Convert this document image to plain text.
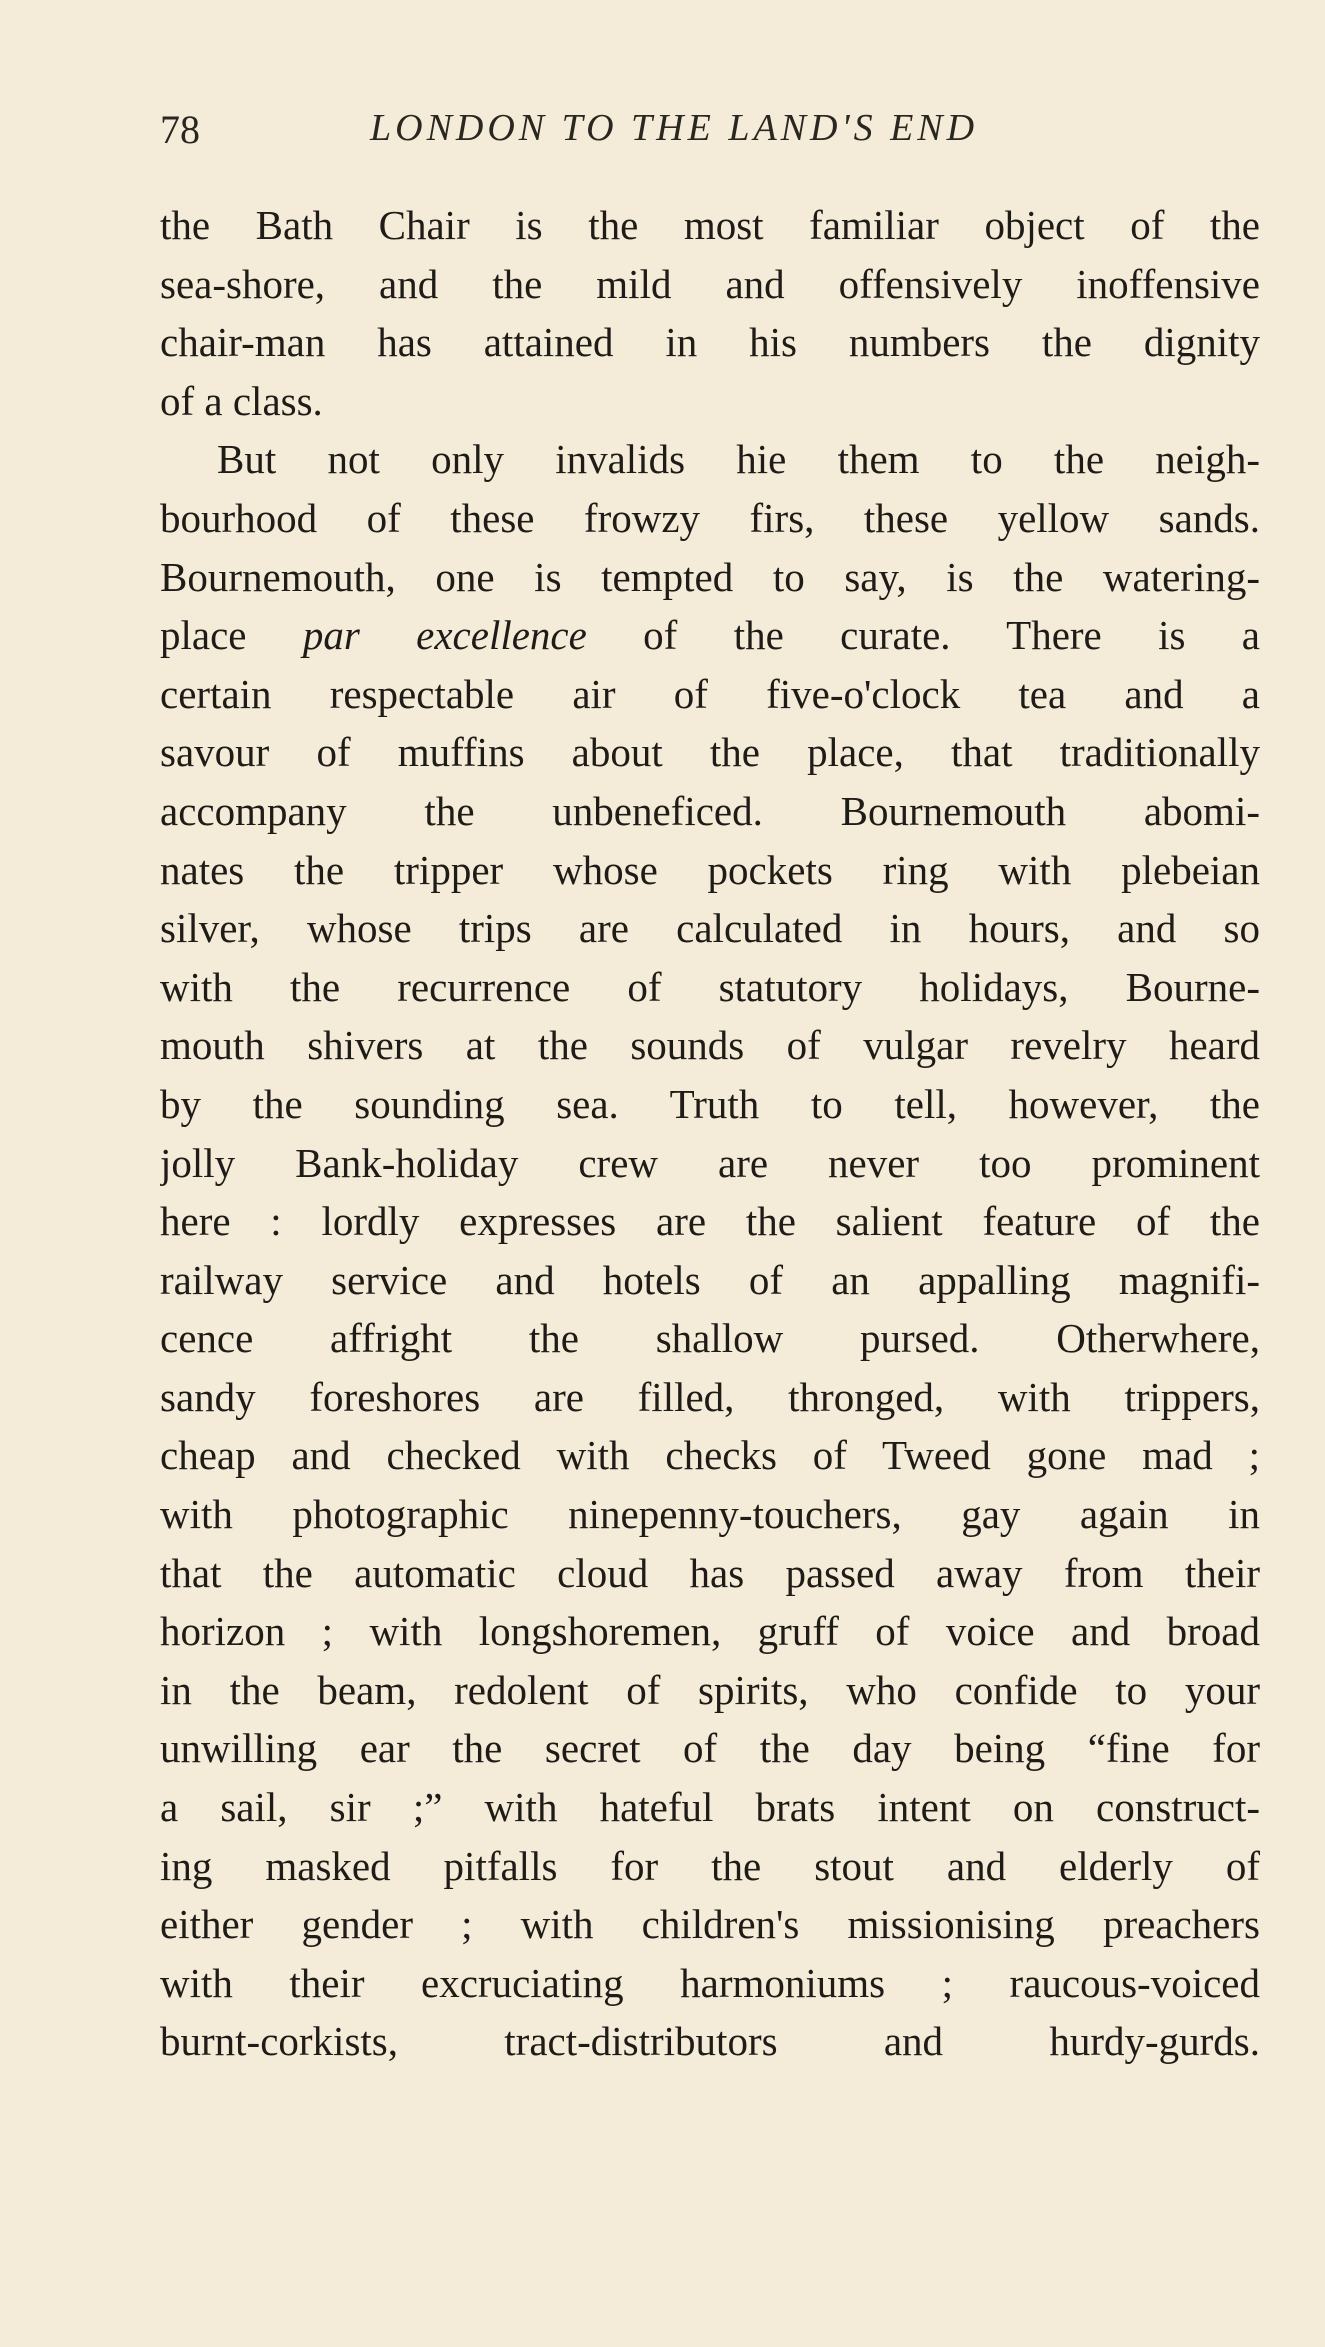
78	LONDON TO THE LAND'S END
the Bath Chair is the most familiar object of the
sea-shore, and the mild and offensively inoffensive
chair-man has attained in his numbers the dignity
of a class.
But not only invalids hie them to the neigh-
bourhood of these frowzy firs, these yellow sands.
Bournemouth, one is tempted to say, is the watering-
place par excellence of the curate. There is a
certain respectable air of five-o'clock tea and a
savour of muffins about the place, that traditionally
accompany the unbeneficed. Bournemouth abomi-
nates the tripper whose pockets ring with plebeian
silver, whose trips are calculated in hours, and so
with the recurrence of statutory holidays, Bourne-
mouth shivers at the sounds of vulgar revelry heard
by the sounding sea. Truth to tell, however, the
jolly Bank-holiday crew are never too prominent
here : lordly expresses are the salient feature of the
railway service and hotels of an appalling magnifi-
cence affright the shallow pursed. Otherwhere,
sandy foreshores are filled, thronged, with trippers,
cheap and checked with checks of Tweed gone mad ;
with photographic ninepenny-touchers, gay again in
that the automatic cloud has passed away from their
horizon ; with longshoremen, gruff of voice and broad
in the beam, redolent of spirits, who confide to your
unwilling ear the secret of the day being “fine for
a sail, sir ;” with hateful brats intent on construct-
ing masked pitfalls for the stout and elderly of
either gender ; with children's missionising preachers
with their excruciating harmoniums ; raucous-voiced
burnt-corkists, tract-distributors and hurdy-gurds.
